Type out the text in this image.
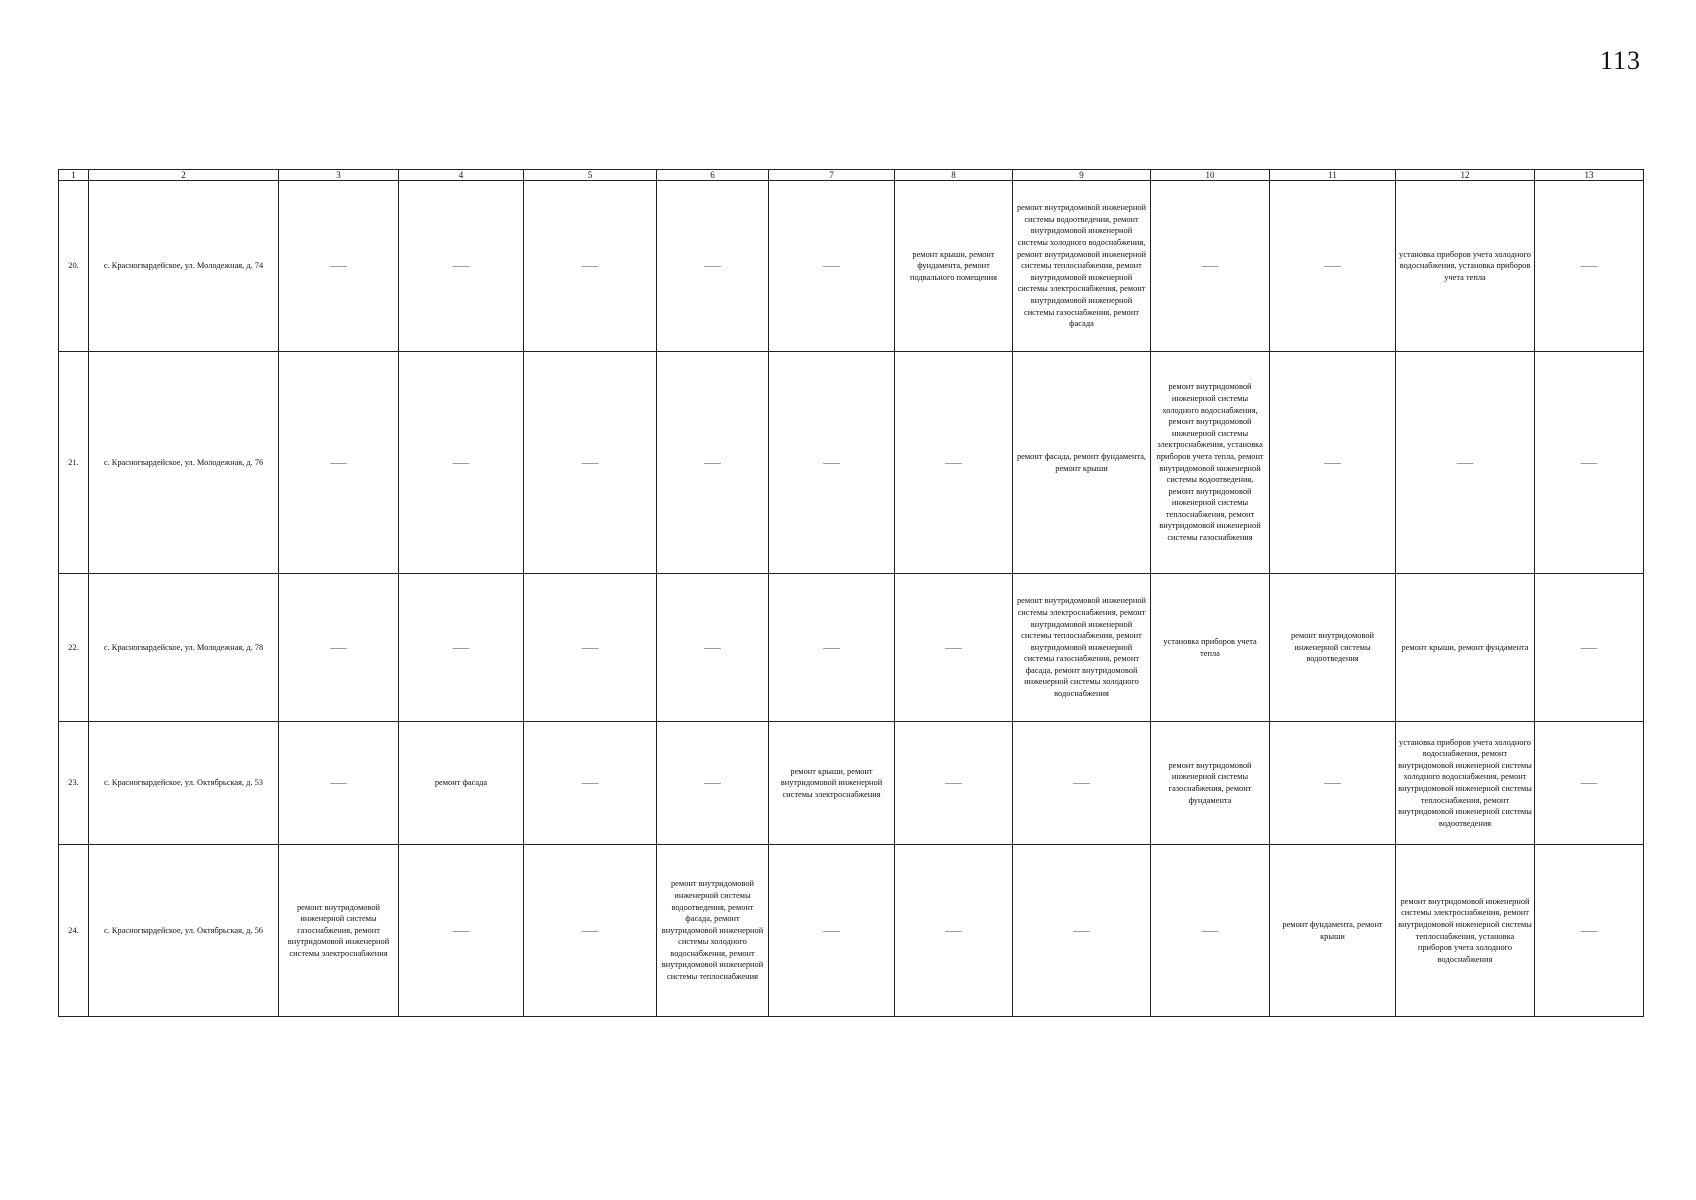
113
1	2	3	4	5	6	7	8	9	10	11	12	13
20.	с. Красногвардейское, ул. Молодежная, д. 74	——	——	——	——	——	ремонт крыши, ремонт фундамента, ремонт подвального помещения	ремонт внутридомовой инженерной системы водоотведения, ремонт внутридомовой инженерной системы холодного водоснабжения, ремонт внутридомовой инженерной системы теплоснабжения, ремонт внутридомовой инженерной системы электроснабжения, ремонт внутридомовой инженерной системы газоснабжения, ремонт фасада	——	——	установка приборов учета холодного водоснабжения, установка приборов учета тепла	——
21.	с. Красногвардейское, ул. Молодежная, д. 76	——	——	——	——	——	——	ремонт фасада, ремонт фундамента, ремонт крыши	ремонт внутридомовой инженерной системы холодного водоснабжения, ремонт внутридомовой инженерной системы электроснабжения, установка приборов учета тепла, ремонт внутридомовой инженерной системы водоотведения, ремонт внутридомовой инженерной системы теплоснабжения, ремонт внутридомовой инженерной системы газоснабжения	——	——	——
22.	с. Красногвардейское, ул. Молодежная, д. 78	——	——	——	——	——	——	ремонт внутридомовой инженерной системы электроснабжения, ремонт внутридомовой инженерной системы теплоснабжения, ремонт внутридомовой инженерной системы газоснабжения, ремонт фасада, ремонт внутридомовой инженерной системы холодного водоснабжения	установка приборов учета тепла	ремонт внутридомовой инженерной системы водоотведения	ремонт крыши, ремонт фундамента	——
23.	с. Красногвардейское, ул. Октябрьская, д. 53	——	ремонт фасада	——	——	ремонт крыши, ремонт внутридомовой инженерной системы электроснабжения	——	——	ремонт внутридомовой инженерной системы газоснабжения, ремонт фундамента	——	установка приборов учета холодного водоснабжения, ремонт внутридомовой инженерной системы холодного водоснабжения, ремонт внутридомовой инженерной системы теплоснабжения, ремонт внутридомовой инженерной системы водоотведения	——
24.	с. Красногвардейское, ул. Октябрьская, д. 56	ремонт внутридомовой инженерной системы газоснабжения, ремонт внутридомовой инженерной системы электроснабжения	——	——	ремонт внутридомовой инженерной системы водоотведения, ремонт фасада, ремонт внутридомовой инженерной системы холодного водоснабжения, ремонт внутридомовой инженерной системы теплоснабжения	——	——	——	——	ремонт фундамента, ремонт крыши	ремонт внутридомовой инженерной системы электроснабжения, ремонт внутридомовой инженерной системы теплоснабжения, установка приборов учета холодного водоснабжения	——
